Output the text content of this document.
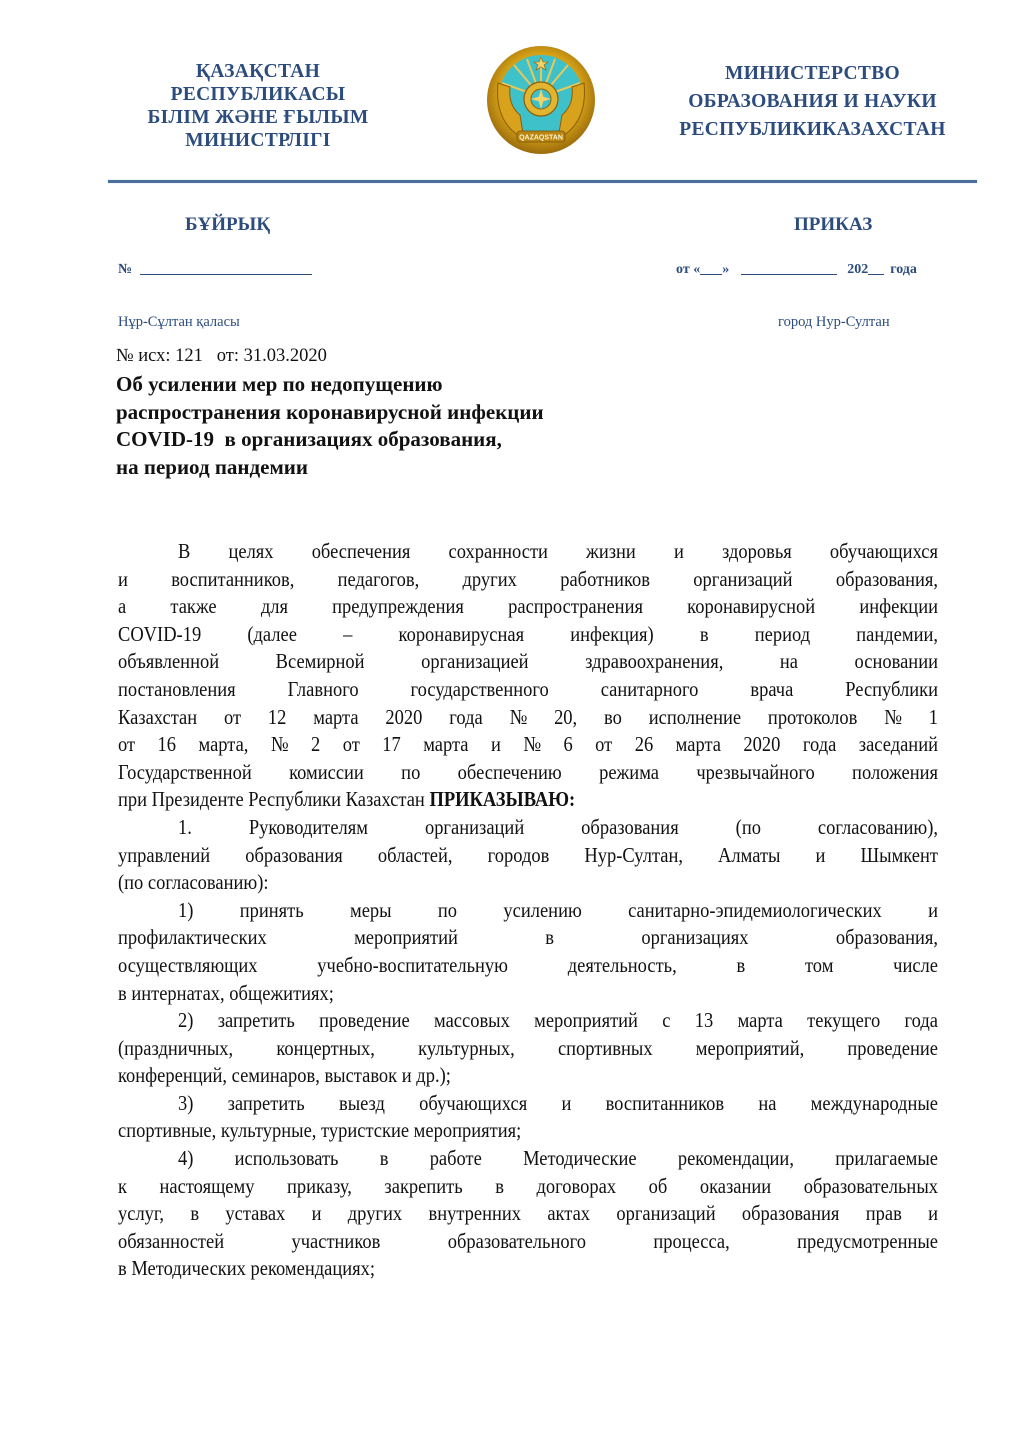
ҚАЗАҚСТАН
РЕСПУБЛИКАСЫ
БІЛІМ ЖӘНЕ ҒЫЛЫМ
МИНИСТРЛІГІ	QAZAQSTAN
МИНИСТЕРСТВО
ОБРАЗОВАНИЯ И НАУКИ
РЕСПУБЛИКИКАЗАХСТАН
БҰЙРЫҚ	ПРИКАЗ
№	от « »	202 года
Нұр-Сұлтан қаласы	город Нур-Султан
№ исх: 121   от: 31.03.2020
Об усилении мер по недопущению
распространения коронавирусной инфекции
COVID-19  в организациях образования,
на период пандемии
В целях обеспечения сохранности жизни и здоровья обучающихся
и воспитанников, педагогов, других работников организаций образования,
а также для предупреждения распространения коронавирусной инфекции
COVID-19 (далее – коронавирусная инфекция) в период пандемии,
объявленной Всемирной организацией здравоохранения, на основании
постановления Главного государственного санитарного врача Республики
Казахстан от 12 марта 2020 года № 20, во исполнение протоколов № 1
от 16 марта, № 2 от 17 марта и № 6 от 26 марта 2020 года заседаний
Государственной комиссии по обеспечению режима чрезвычайного положения
при Президенте Республики Казахстан ПРИКАЗЫВАЮ:
1. Руководителям организаций образования (по согласованию),
управлений образования областей, городов Нур-Султан, Алматы и Шымкент
(по согласованию):
1) принять меры по усилению санитарно-эпидемиологических и
профилактических мероприятий в организациях образования,
осуществляющих учебно-воспитательную деятельность, в том числе
в интернатах, общежитиях;
2) запретить проведение массовых мероприятий с 13 марта текущего года
(праздничных, концертных, культурных, спортивных мероприятий, проведение
конференций, семинаров, выставок и др.);
3) запретить выезд обучающихся и воспитанников на международные
спортивные, культурные, туристские мероприятия;
4) использовать в работе Методические рекомендации, прилагаемые
к настоящему приказу, закрепить в договорах об оказании образовательных
услуг, в уставах и других внутренних актах организаций образования прав и
обязанностей участников образовательного процесса, предусмотренные
в Методических рекомендациях;
